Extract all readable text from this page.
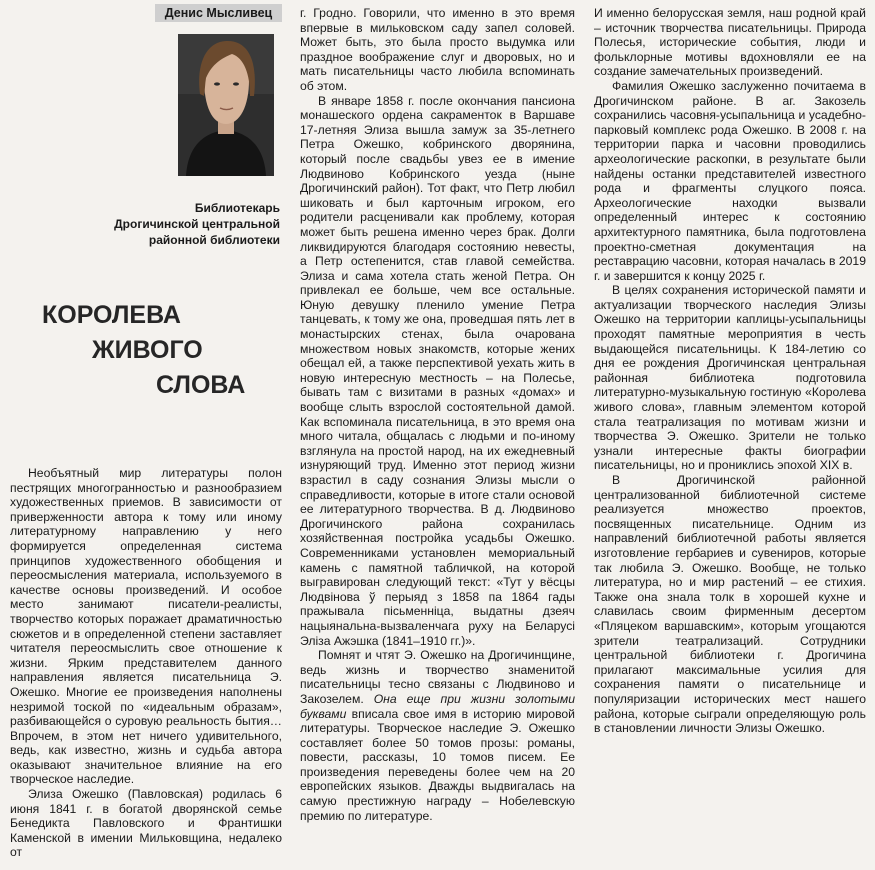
Денис Мысливец
Библиотекарь
Дрогичинской центральной
районной библиотеки
КОРОЛЕВА
ЖИВОГО
СЛОВА

Необъятный мир литературы полон пестрящих многогранностью и разнообразием художественных приемов. В зависимости от приверженности автора к тому или иному литературному направлению у него формируется определенная система принципов художественного обобщения и переосмысления материала, используемого в качестве основы произведений. И особое место занимают писатели-реалисты, творчество которых поражает драматичностью сюжетов и в определенной степени заставляет читателя переосмыслить свое отношение к жизни. Ярким представителем данного направления является писательница Э. Ожешко. Многие ее произведения наполнены незримой тоской по «идеальным образам», разбивающейся о суровую реальность бытия… Впрочем, в этом нет ничего удивительного, ведь, как известно, жизнь и судьба автора оказывают значительное влияние на его творческое наследие.

Элиза Ожешко (Павловская) родилась 6 июня 1841 г. в богатой дворянской семье Бенедикта Павловского и Франтишки Каменской в имении Мильковщина, недалеко от

г. Гродно. Говорили, что именно в это время впервые в мильковском саду запел соловей. Может быть, это была просто выдумка или праздное воображение слуг и дворовых, но и мать писательницы часто любила вспоминать об этом.

В январе 1858 г. после окончания пансиона монашеского ордена сакраменток в Варшаве 17-летняя Элиза вышла замуж за 35-летнего Петра Ожешко, кобринского дворянина, который после свадьбы увез ее в имение Людвиново Кобринского уезда (ныне Дрогичинский район). Тот факт, что Петр любил шиковать и был карточным игроком, его родители расценивали как проблему, которая может быть решена именно через брак. Долги ликвидируются благодаря состоянию невесты, а Петр остепенится, став главой семейства. Элиза и сама хотела стать женой Петра. Он привлекал ее больше, чем все остальные. Юную девушку пленило умение Петра танцевать, к тому же она, проведшая пять лет в монастырских стенах, была очарована множеством новых знакомств, которые жених обещал ей, а также перспективой уехать жить в новую интересную местность – на Полесье, бывать там с визитами в разных «домах» и вообще слыть взрослой состоятельной дамой. Как вспоминала писательница, в это время она много читала, общалась с людьми и по-иному взглянула на простой народ, на их ежедневный изнуряющий труд. Именно этот период жизни взрастил в саду сознания Элизы мысли о справедливости, которые в итоге стали основой ее литературного творчества. В д. Людвиново Дрогичинского района сохранилась хозяйственная постройка усадьбы Ожешко. Современниками установлен мемориальный камень с памятной табличкой, на которой выгравирован следующий текст: «Тут у вёсцы Людвінова ў перыяд з 1858 па 1864 гады пражывала пісьменніца, выдатны дзеяч нацыянальна-вызваленчага руху на Беларусі Эліза Ажэшка (1841–1910 гг.)».

Помнят и чтят Э. Ожешко на Дрогичинщине, ведь жизнь и творчество знаменитой писательницы тесно связаны с Людвиново и Закозелем. Она еще при жизни золотыми буквами вписала свое имя в историю мировой литературы. Творческое наследие Э. Ожешко составляет более 50 томов прозы: романы, повести, рассказы, 10 томов писем. Ее произведения переведены более чем на 20 европейских языков. Дважды выдвигалась на самую престижную награду – Нобелевскую премию по литературе.

И именно белорусская земля, наш родной край – источник творчества писательницы. Природа Полесья, исторические события, люди и фольклорные мотивы вдохновляли ее на создание замечательных произведений.

Фамилия Ожешко заслуженно почитаема в Дрогичинском районе. В аг. Закозель сохранились часовня-усыпальница и усадебно-парковый комплекс рода Ожешко. В 2008 г. на территории парка и часовни проводились археологические раскопки, в результате были найдены останки представителей известного рода и фрагменты слуцкого пояса. Археологические находки вызвали определенный интерес к состоянию архитектурного памятника, была подготовлена проектно-сметная документация на реставрацию часовни, которая началась в 2019 г. и завершится к концу 2025 г.

В целях сохранения исторической памяти и актуализации творческого наследия Элизы Ожешко на территории каплицы-усыпальницы проходят памятные мероприятия в честь выдающейся писательницы. К 184-летию со дня ее рождения Дрогичинская центральная районная библиотека подготовила литературно-музыкальную гостиную «Королева живого слова», главным элементом которой стала театрализация по мотивам жизни и творчества Э. Ожешко. Зрители не только узнали интересные факты биографии писательницы, но и прониклись эпохой XIX в.

В Дрогичинской районной централизованной библиотечной системе реализуется множество проектов, посвященных писательнице. Одним из направлений библиотечной работы является изготовление гербариев и сувениров, которые так любила Э. Ожешко. Вообще, не только литература, но и мир растений – ее стихия. Также она знала толк в хорошей кухне и славилась своим фирменным десертом «Пляцеком варшавским», которым угощаются зрители театрализаций. Сотрудники центральной библиотеки г. Дрогичина прилагают максимальные усилия для сохранения памяти о писательнице и популяризации исторических мест нашего района, которые сыграли определяющую роль в становлении личности Элизы Ожешко.
